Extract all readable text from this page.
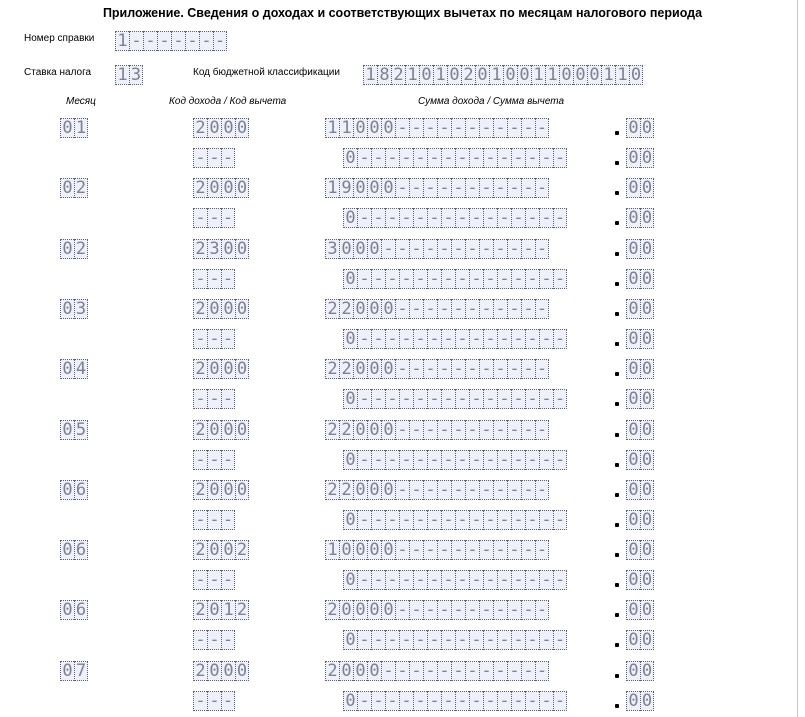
Приложение. Сведения о доходах и соответствующих вычетах по месяцам налогового периода
Номер справки 1 - - - - - - -
Ставка налога 1 3	Код бюджетной классификации 1 8 2 1 0 1 0 2 0 1 0 0 1 1 0 0 0 1 1 0
Месяц	Код дохода / Код вычета	Сумма дохода / Сумма вычета
0 1	2 0 0 0	1 1 0 0 0 - - - - - - - - - - -	0 0
- - -	0 - - - - - - - - - - - - - - -	0 0
0 2	2 0 0 0	1 9 0 0 0 - - - - - - - - - - -	0 0
- - -	0 - - - - - - - - - - - - - - -	0 0
0 2	2 3 0 0	3 0 0 0 - - - - - - - - - - - -	0 0
- - -	0 - - - - - - - - - - - - - - -	0 0
0 3	2 0 0 0	2 2 0 0 0 - - - - - - - - - - -	0 0
- - -	0 - - - - - - - - - - - - - - -	0 0
0 4	2 0 0 0	2 2 0 0 0 - - - - - - - - - - -	0 0
- - -	0 - - - - - - - - - - - - - - -	0 0
0 5	2 0 0 0	2 2 0 0 0 - - - - - - - - - - -	0 0
- - -	0 - - - - - - - - - - - - - - -	0 0
0 6	2 0 0 0	2 2 0 0 0 - - - - - - - - - - -	0 0
- - -	0 - - - - - - - - - - - - - - -	0 0
0 6	2 0 0 2	1 0 0 0 0 - - - - - - - - - - -	0 0
- - -	0 - - - - - - - - - - - - - - -	0 0
0 6	2 0 1 2	2 0 0 0 0 - - - - - - - - - - -	0 0
- - -	0 - - - - - - - - - - - - - - -	0 0
0 7	2 0 0 0	2 0 0 0 - - - - - - - - - - - -	0 0
- - -	0 - - - - - - - - - - - - - - -	0 0
